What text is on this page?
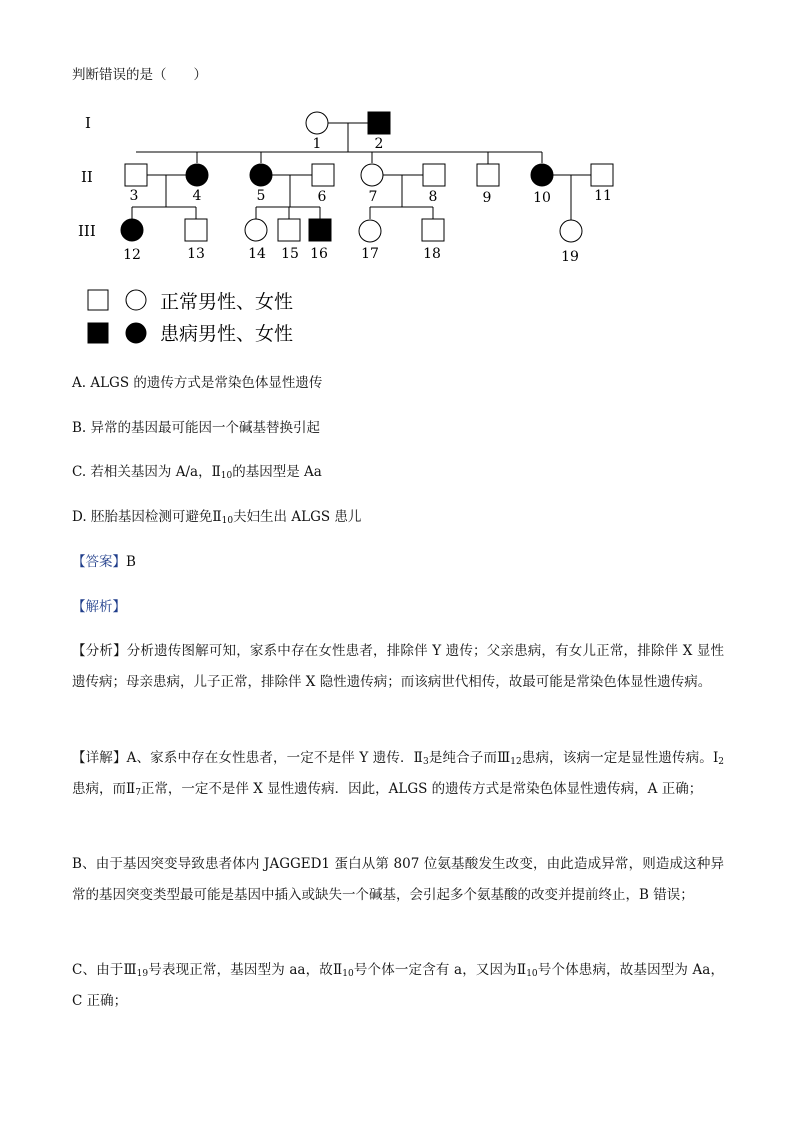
判断错误的是（　　）
I
II
III
1	2
3	4	5	6	7	8	9	10	11
12	13	14 15 16 17	18	19
正常男性、女性
患病男性、女性
A. ALGS 的遗传方式是常染色体显性遗传
B. 异常的基因最可能因一个碱基替换引起
C. 若相关基因为 A/a，$Ⅱ_{10}$的基因型是 Aa
D. 胚胎基因检测可避免$Ⅱ_{10}$夫妇生出 ALGS 患儿
【答案】B
【解析】
【分析】分析遗传图解可知，家系中存在女性患者，排除伴 Y 遗传；父亲患病，有女儿正常，排除伴 X 显性遗传病；母亲患病，儿子正常，排除伴 X 隐性遗传病；而该病世代相传，故最可能是常染色体显性遗传病。
【详解】A、家系中存在女性患者，一定不是伴 Y 遗传．$Ⅱ_3$是纯合子而$Ⅲ_{12}$患病，该病一定是显性遗传病。$I_2$患病，而$Ⅱ_7$正常，一定不是伴 X 显性遗传病．因此，ALGS 的遗传方式是常染色体显性遗传病，A 正确；
B、由于基因突变导致患者体内 JAGGED1 蛋白从第 807 位氨基酸发生改变，由此造成异常，则造成这种异常的基因突变类型最可能是基因中插入或缺失一个碱基，会引起多个氨基酸的改变并提前终止，B 错误；
C、由于$Ⅲ_{19}$号表现正常，基因型为 aa，故$Ⅱ_{10}$号个体一定含有 a，又因为$Ⅱ_{10}$号个体患病，故基因型为 Aa，C 正确；
